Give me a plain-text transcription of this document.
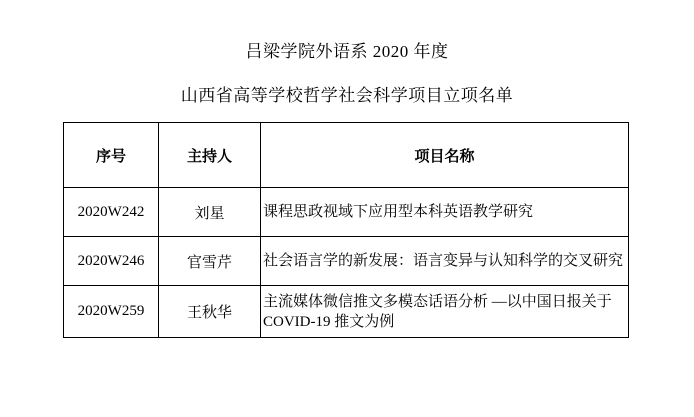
吕梁学院外语系 2020 年度
山西省高等学校哲学社会科学项目立项名单
序号	主持人	项目名称
2020W242	刘星	课程思政视域下应用型本科英语教学研究
2020W246	官雪芹	社会语言学的新发展：语言变异与认知科学的交叉研究
2020W259	王秋华	主流媒体微信推文多模态话语分析 —以中国日报关于 COVID-19 推文为例
